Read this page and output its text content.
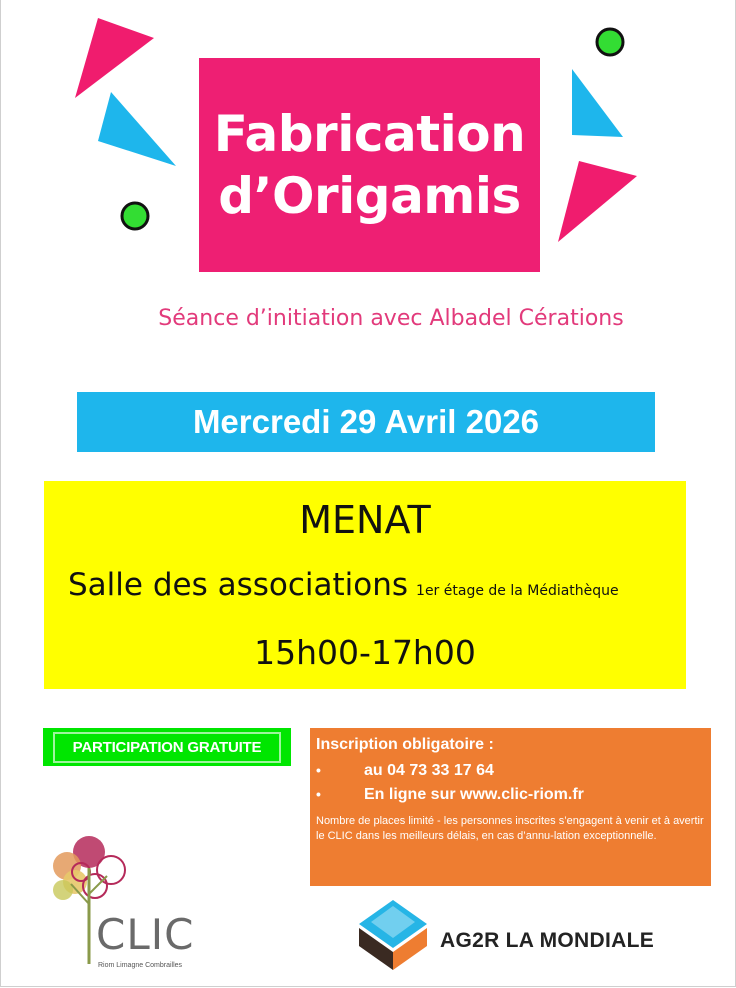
Fabrication
d’Origamis
Séance d’initiation avec Albadel Cérations
Mercredi 29 Avril 2026
MENAT
Salle des associations 1er étage de la Médiathèque
15h00-17h00
PARTICIPATION GRATUITE	Inscription obligatoire :
•	au 04 73 33 17 64
•	En ligne sur www.clic-riom.fr
Nombre de places limité - les personnes inscrites s’engagent à venir et à avertir le CLIC dans les meilleurs délais, en cas d’annu-lation exceptionnelle.
CLIC
Riom Limagne Combrailles
AG2R LA MONDIALE
